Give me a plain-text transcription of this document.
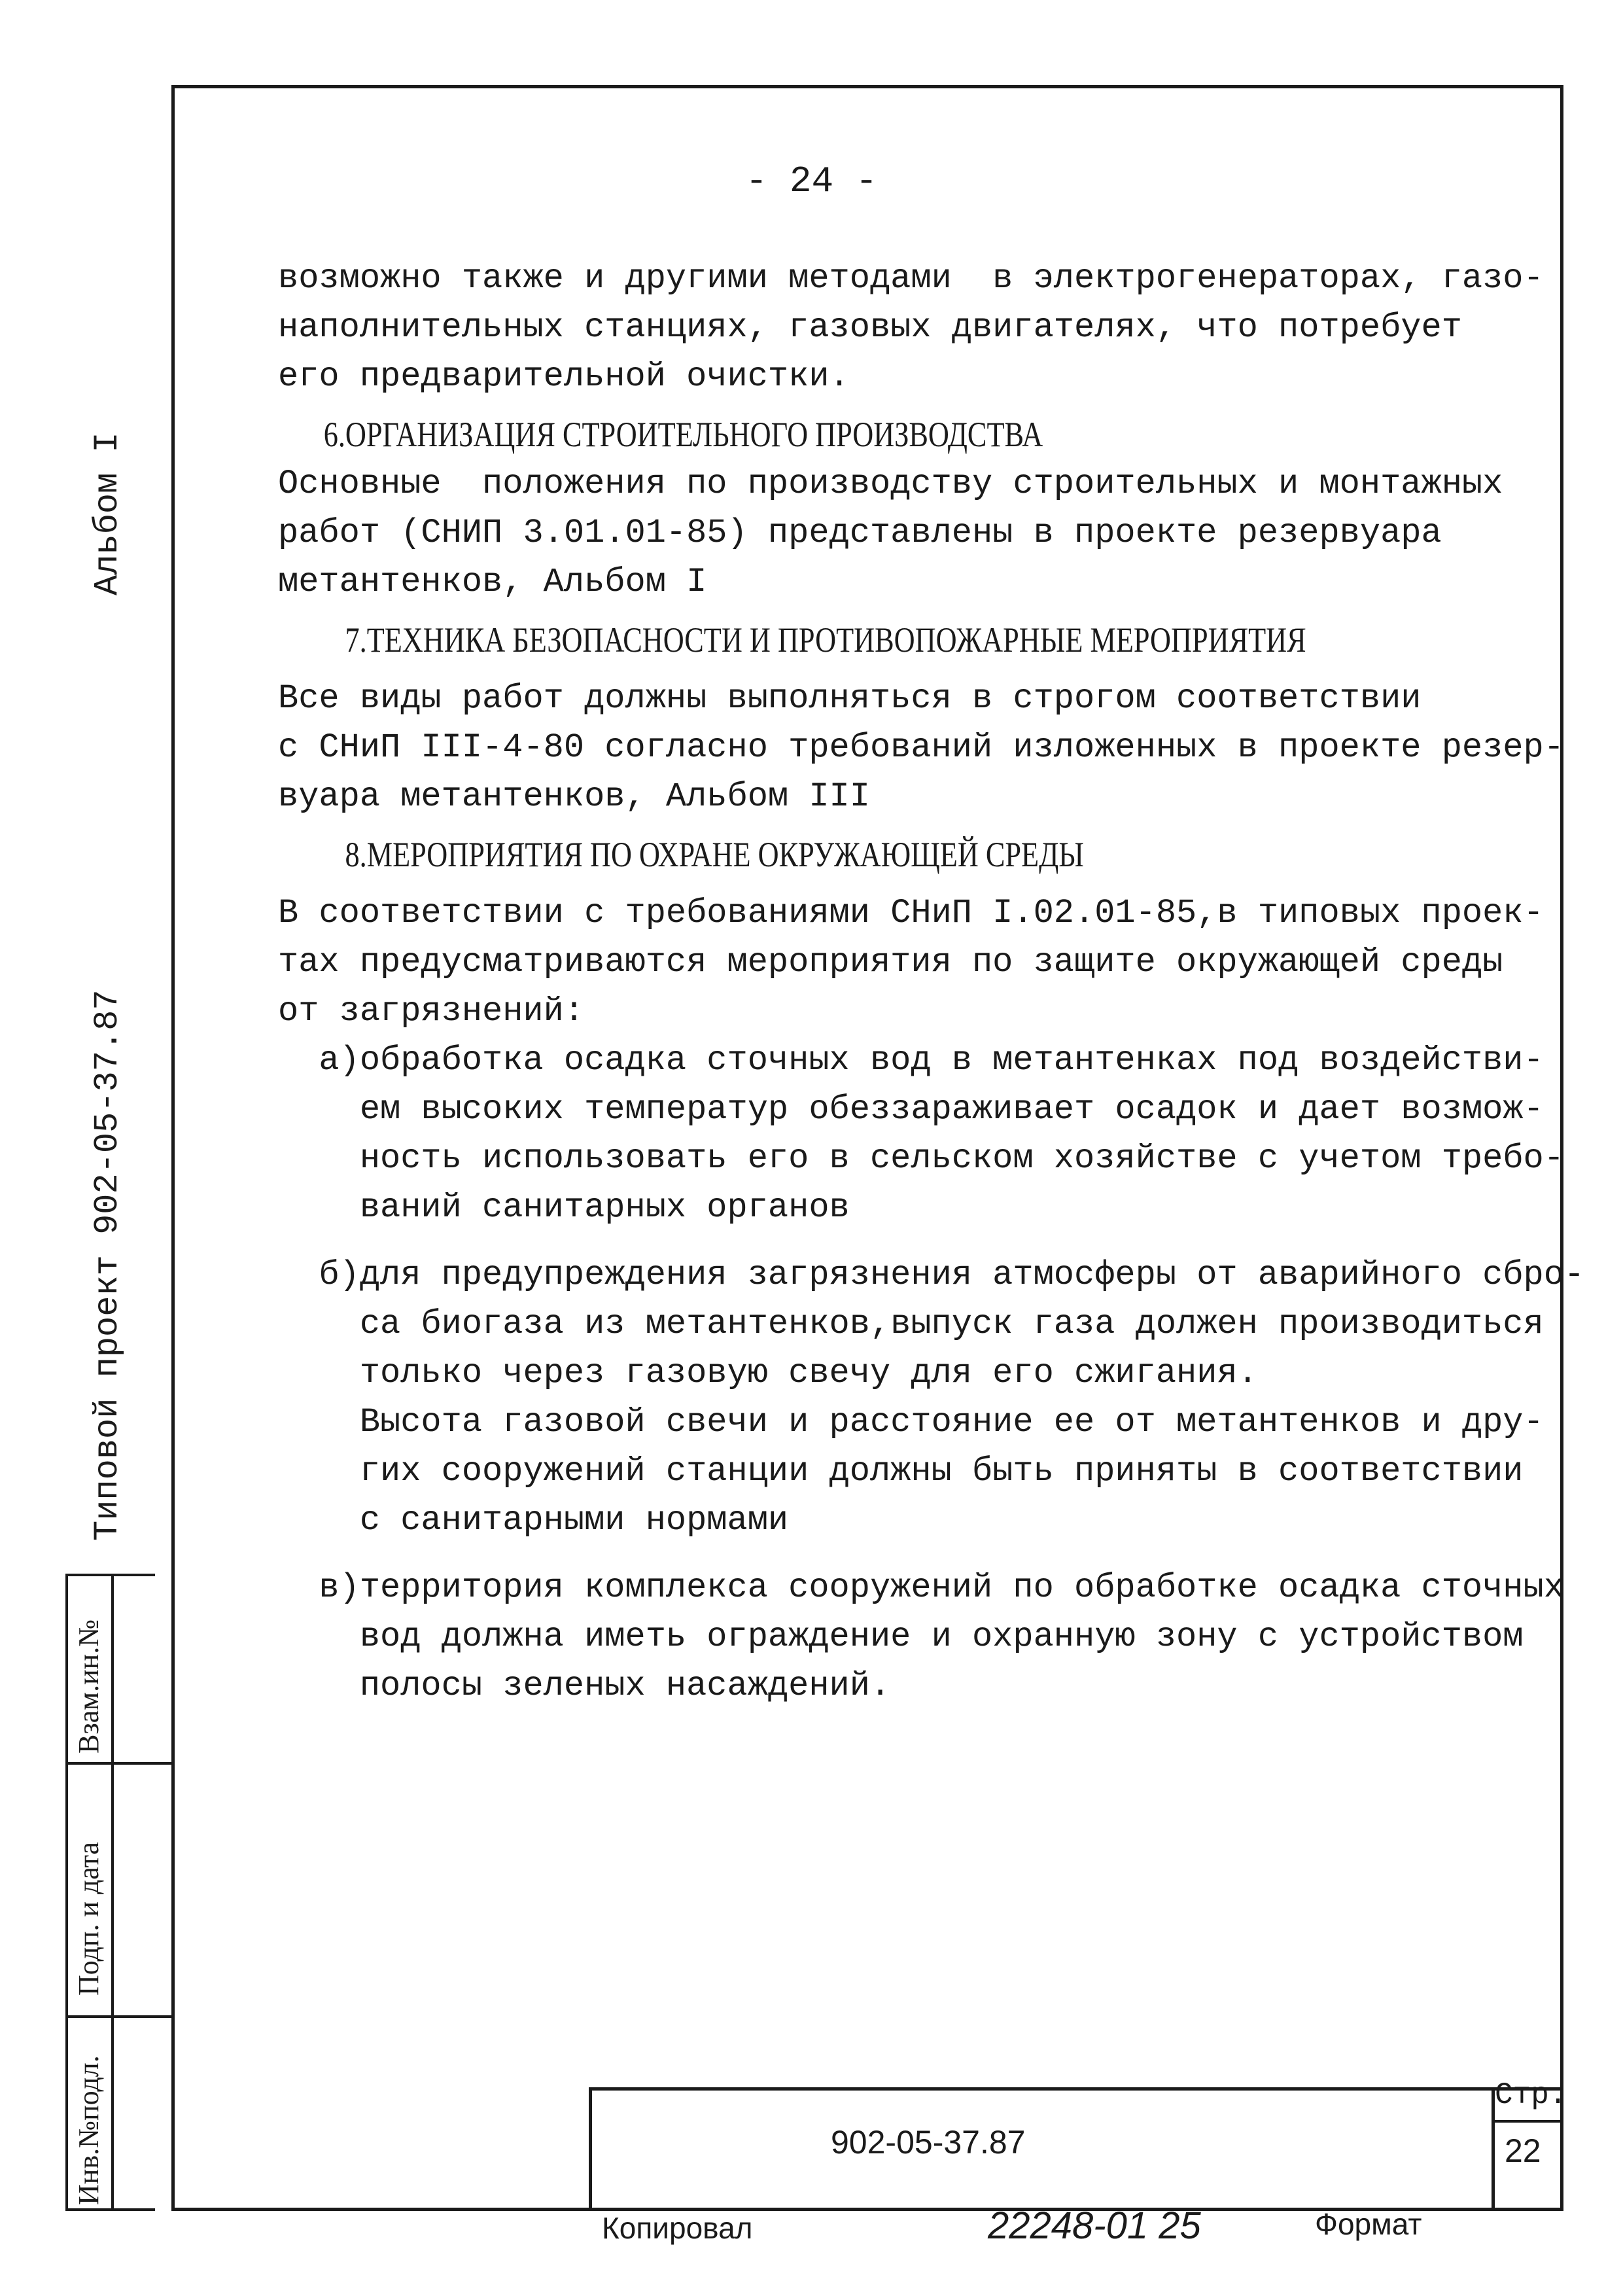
Альбом I
Типовой проект 902-05-37.87
Взам.ин.№
Подп. и дата
Инв.№подл.
- 24 -
возможно также и другими методами  в электрогенераторах, газо-
наполнительных станциях, газовых двигателях, что потребует
его предварительной очистки.
6.ОРГАНИЗАЦИЯ СТРОИТЕЛЬНОГО ПРОИЗВОДСТВА
Основные  положения по производству строительных и монтажных
работ (СНИП 3.01.01-85) представлены в проекте резервуара
метантенков, Альбом I
7.ТЕХНИКА БЕЗОПАСНОСТИ И ПРОТИВОПОЖАРНЫЕ МЕРОПРИЯТИЯ
Все виды работ должны выполняться в строгом соответствии
с СНиП III-4-80 согласно требований изложенных в проекте резер-
вуара метантенков, Альбом III
8.МЕРОПРИЯТИЯ ПО ОХРАНЕ ОКРУЖАЮЩЕЙ СРЕДЫ
В соответствии с требованиями СНиП I.02.01-85,в типовых проек-
тах предусматриваются мероприятия по защите окружающей среды
от загрязнений:
а)обработка осадка сточных вод в метантенках под воздействи-
ем высоких температур обеззараживает осадок и дает возмож-
ность использовать его в сельском хозяйстве с учетом требо-
ваний санитарных органов
б)для предупреждения загрязнения атмосферы от аварийного сбро-
са биогаза из метантенков,выпуск газа должен производиться
только через газовую свечу для его сжигания.
Высота газовой свечи и расстояние ее от метантенков и дру-
гих сооружений станции должны быть приняты в соответствии
с санитарными нормами
в)территория комплекса сооружений по обработке осадка сточных
вод должна иметь ограждение и охранную зону с устройством
полосы зеленых насаждений.
902-05-37.87
Стр.
22
Копировал	22248-01 25	Формат
